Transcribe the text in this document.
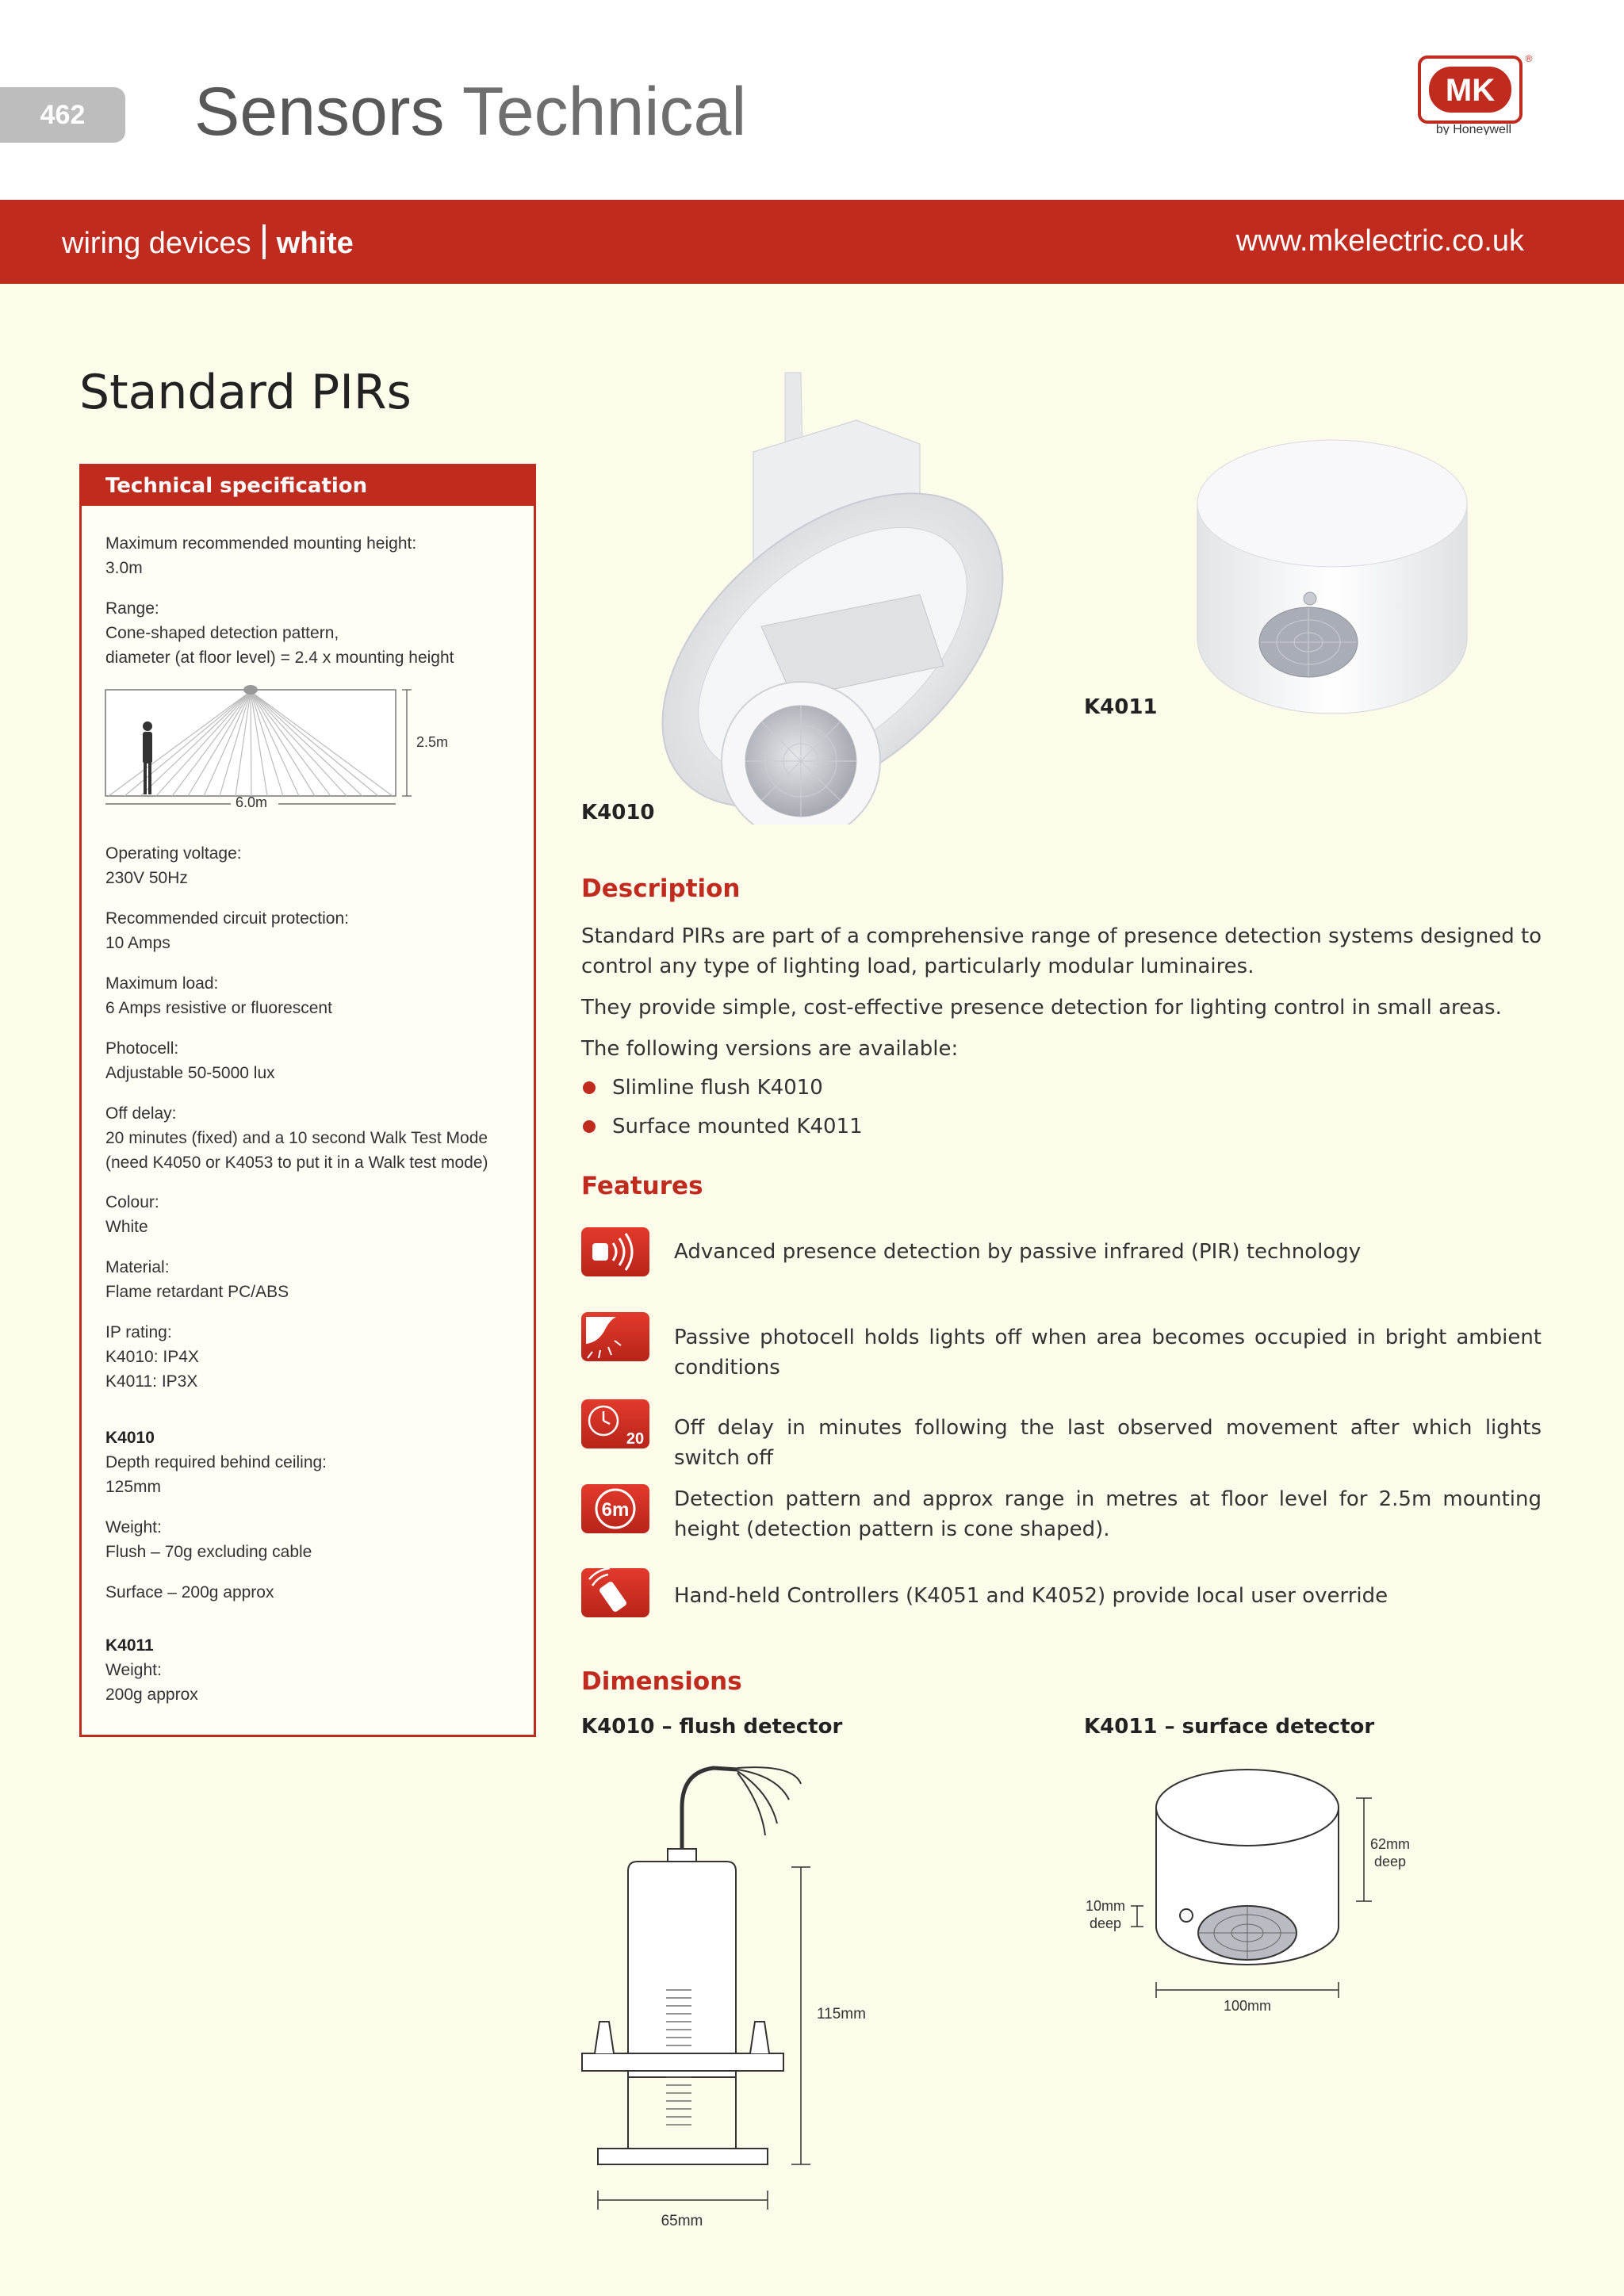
462	Sensors Technical	MK
®
by Honeywell
wiring devices white	www.mkelectric.co.uk
Standard PIRs
Technical specification
Maximum recommended mounting height:
3.0m
Range:
Cone-shaped detection pattern,
diameter (at floor level) = 2.4 x mounting height
2.5m
6.0m
Operating voltage:
230V 50Hz
Recommended circuit protection:
10 Amps
Maximum load:
6 Amps resistive or fluorescent
Photocell:
Adjustable 50-5000 lux
Off delay:
20 minutes (fixed) and a 10 second Walk Test Mode
(need K4050 or K4053 to put it in a Walk test mode)
Colour:
White
Material:
Flame retardant PC/ABS
IP rating:
K4010: IP4X
K4011: IP3X
K4010
Depth required behind ceiling:
125mm
Weight:
Flush – 70g excluding cable
Surface – 200g approx
K4011
Weight:
200g approx
K4010
K4011
Description
Standard PIRs are part of a comprehensive range of presence detection systems designed to control any type of lighting load, particularly modular luminaires.
They provide simple, cost-effective presence detection for lighting control in small areas.
The following versions are available:
Slimline flush K4010
Surface mounted K4011
Features
Advanced presence detection by passive infrared (PIR) technology
Passive photocell holds lights off when area becomes occupied in bright ambient conditions
20 Off delay in minutes following the last observed movement after which lights switch off
6m Detection pattern and approx range in metres at floor level for 2.5m mounting height (detection pattern is cone shaped).
Hand-held Controllers (K4051 and K4052) provide local user override
Dimensions
K4010 – flush detector	K4011 – surface detector
115mm
65mm
62mm
deep
10mm
deep
100mm
